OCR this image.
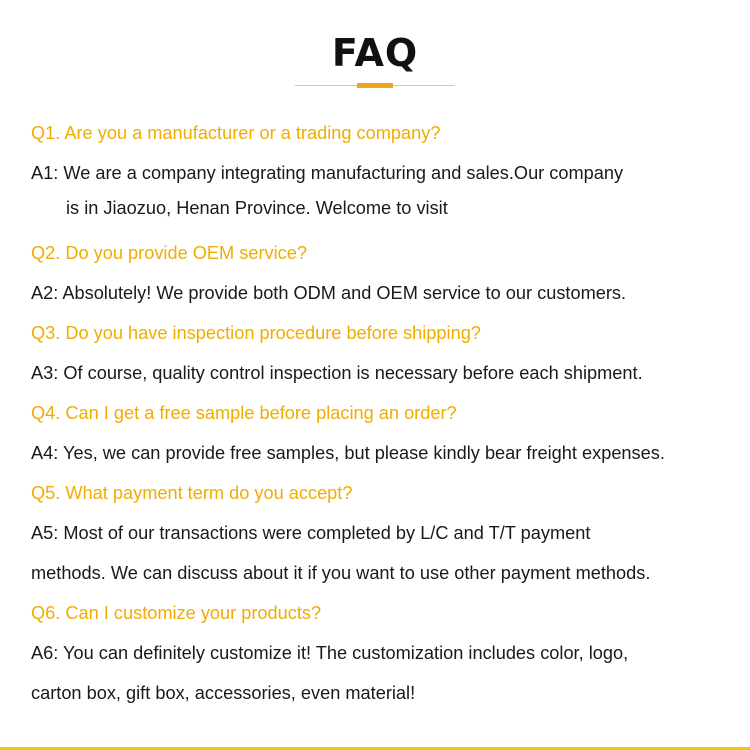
FAQ

Q1. Are you a manufacturer or a trading company?

A1: We are a company integrating manufacturing and sales.Our company

is in Jiaozuo, Henan Province. Welcome to visit

Q2. Do you provide OEM service?

A2: Absolutely! We provide both ODM and OEM service to our customers.

Q3. Do you have inspection procedure before shipping?

A3: Of course, quality control inspection is necessary before each shipment.

Q4. Can I get a free sample before placing an order?

A4: Yes, we can provide free samples, but please kindly bear freight expenses.

Q5. What payment term do you accept?

A5: Most of our transactions were completed by L/C and T/T payment

methods. We can discuss about it if you want to use other payment methods.

Q6. Can I customize your products?

A6: You can definitely customize it! The customization includes color, logo,

carton box, gift box, accessories, even material!
